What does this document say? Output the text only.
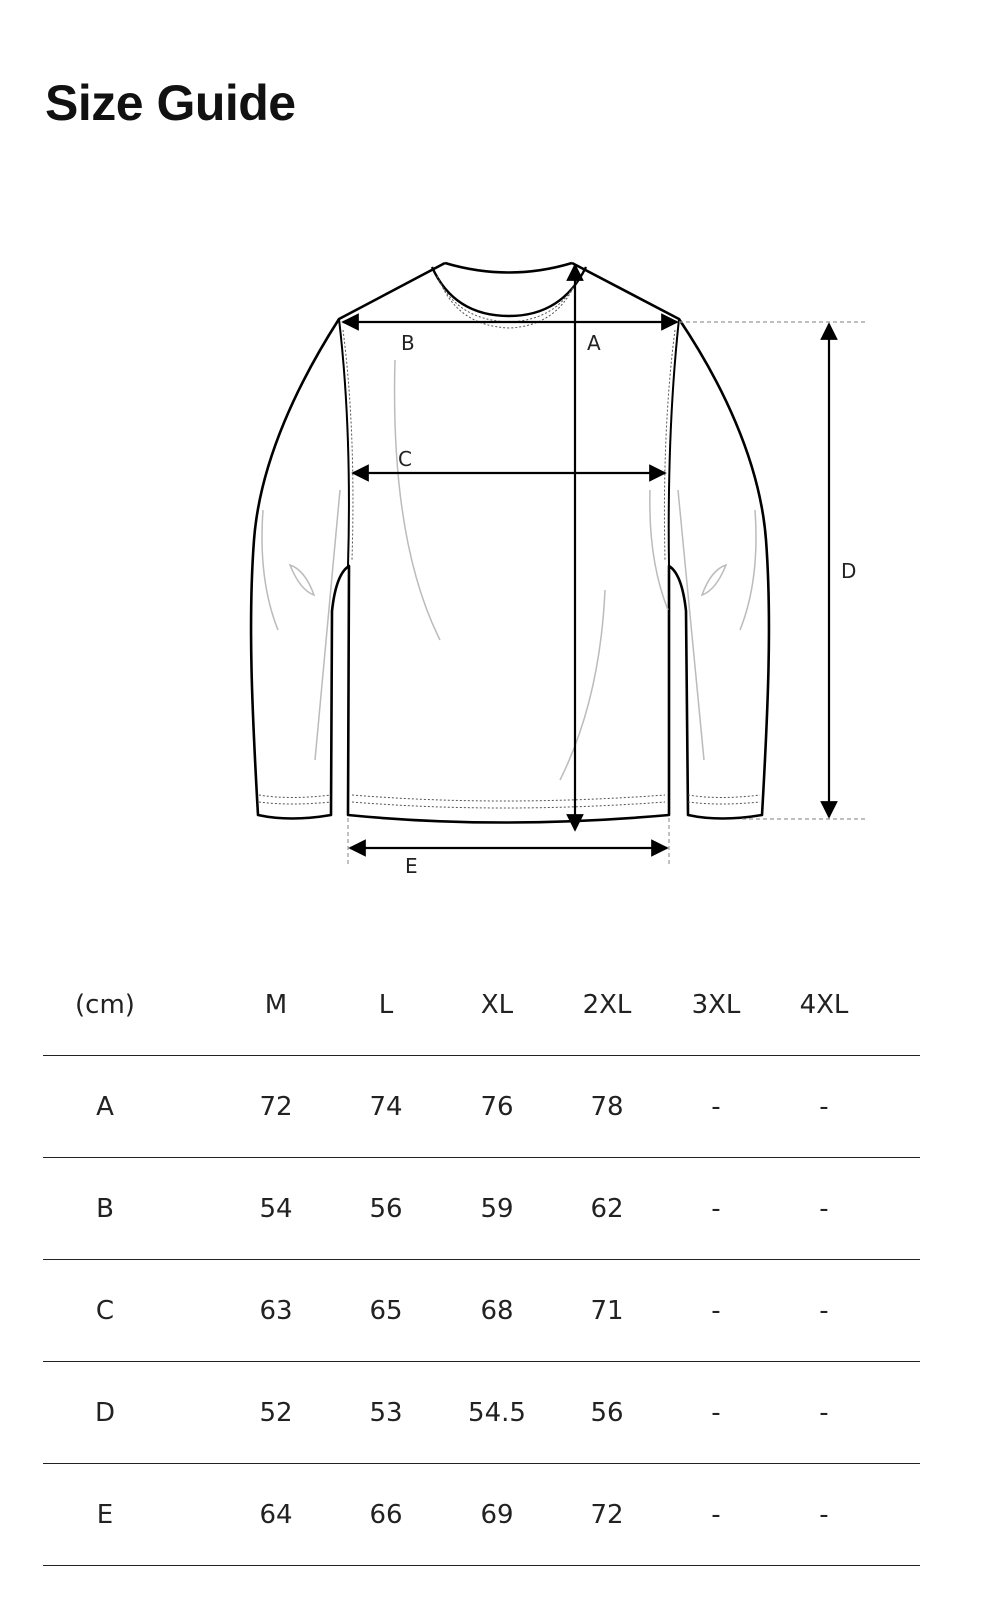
Size Guide
B	A
C
D
E
(cm)	M	L	XL	2XL	3XL	4XL
A	72	74	76	78	-	-
B	54	56	59	62	-	-
C	63	65	68	71	-	-
D	52	53	54.5	56	-	-
E	64	66	69	72	-	-
